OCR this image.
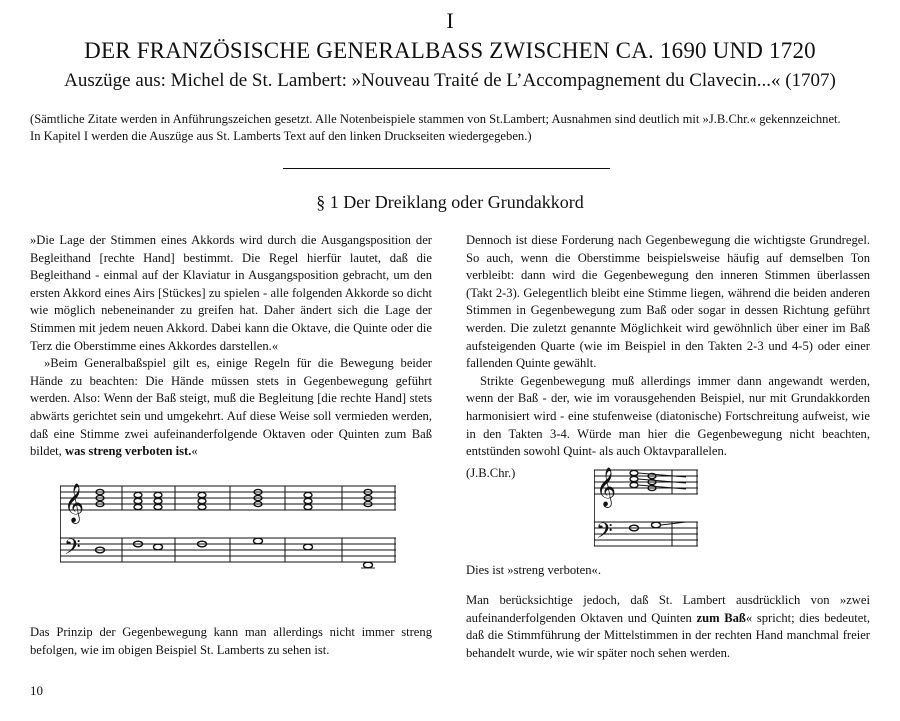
I
DER FRANZÖSISCHE GENERALBASS ZWISCHEN CA. 1690 UND 1720
Auszüge aus: Michel de St. Lambert: »Nouveau Traité de L’Accompagnement du Clavecin...« (1707)
(Sämtliche Zitate werden in Anführungszeichen gesetzt. Alle Notenbeispiele stammen von St.Lambert; Ausnahmen sind deutlich mit »J.B.Chr.« gekennzeichnet.
In Kapitel I werden die Auszüge aus St. Lamberts Text auf den linken Druckseiten wiedergegeben.)
§ 1 Der Dreiklang oder Grundakkord

»Die Lage der Stimmen eines Akkords wird durch die Ausgangsposition der Begleithand [rechte Hand] bestimmt. Die Regel hierfür lautet, daß die Begleithand - einmal auf der Klaviatur in Ausgangsposition gebracht, um den ersten Akkord eines Airs [Stückes] zu spielen - alle folgenden Akkorde so dicht wie möglich nebeneinander zu greifen hat. Daher ändert sich die Lage der Stimmen mit jedem neuen Akkord. Dabei kann die Oktave, die Quinte oder die Terz die Oberstimme eines Akkordes darstellen.«

»Beim Generalbaßspiel gilt es, einige Regeln für die Bewegung beider Hände zu beachten: Die Hände müssen stets in Gegenbewegung geführt werden. Also: Wenn der Baß steigt, muß die Begleitung [die rechte Hand] stets abwärts gerichtet sein und umgekehrt. Auf diese Weise soll vermieden werden, daß eine Stimme zwei aufeinanderfolgende Oktaven oder Quinten zum Baß bildet, was streng verboten ist.«

Dennoch ist diese Forderung nach Gegenbewegung die wichtigste Grundregel. So auch, wenn die Oberstimme beispielsweise häufig auf demselben Ton verbleibt: dann wird die Gegenbewegung den inneren Stimmen überlassen (Takt 2-3). Gelegentlich bleibt eine Stimme liegen, während die beiden anderen Stimmen in Gegenbewegung zum Baß oder sogar in dessen Richtung geführt werden. Die zuletzt genannte Möglichkeit wird gewöhnlich über einer im Baß aufsteigenden Quarte (wie im Beispiel in den Takten 2-3 und 4-5) oder einer fallenden Quinte gewählt.

Strikte Gegenbewegung muß allerdings immer dann angewandt werden, wenn der Baß - der, wie im vorausgehenden Beispiel, nur mit Grundakkorden harmonisiert wird - eine stufenweise (diatonische) Fortschreitung aufweist, wie in den Takten 3-4. Würde man hier die Gegenbewegung nicht beachten, entstünden sowohl Quint- als auch Oktavparallelen.

𝄞
𝄢
(J.B.Chr.) 𝄞
𝄢
Dies ist »streng verboten«.

Man berücksichtige jedoch, daß St. Lambert ausdrücklich von »zwei aufeinanderfolgenden Oktaven und Quinten zum Baß« spricht; dies bedeutet, daß die Stimmführung der Mittelstimmen in der rechten Hand manchmal freier behandelt wurde, wie wir später noch sehen werden.

Das Prinzip der Gegenbewegung kann man allerdings nicht immer streng befolgen, wie im obigen Beispiel St. Lamberts zu sehen ist.

10
